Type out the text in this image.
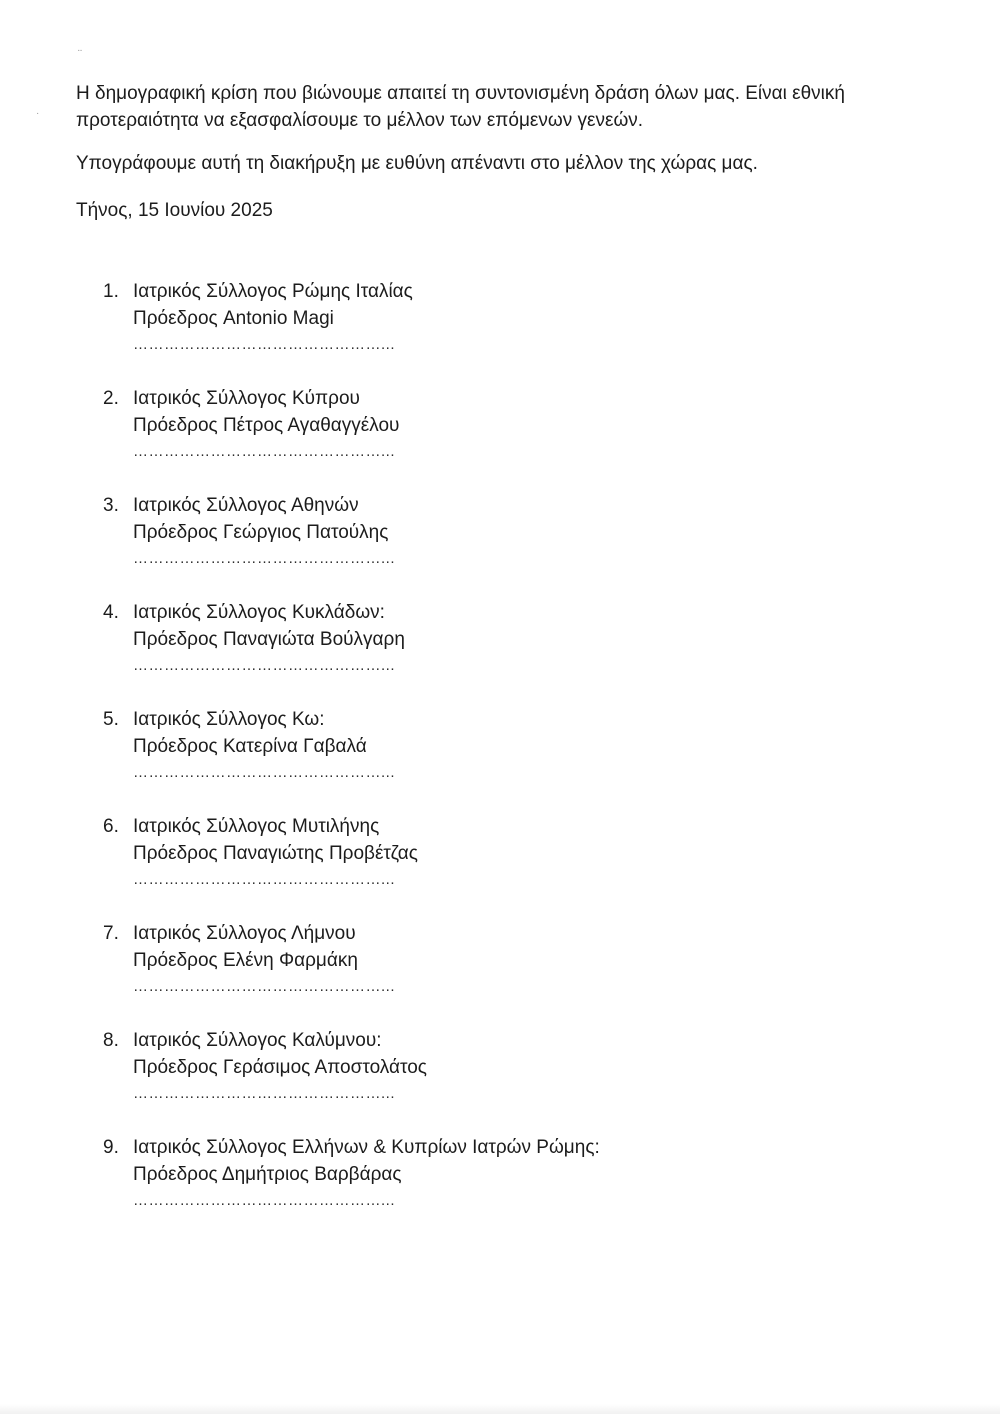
¨
·

Η δημογραφική κρίση που βιώνουμε απαιτεί τη συντονισμένη δράση όλων μας. Είναι εθνική προτεραιότητα να εξασφαλίσουμε το μέλλον των επόμενων γενεών.

Υπογράφουμε αυτή τη διακήρυξη με ευθύνη απέναντι στο μέλλον της χώρας μας.

Τήνος, 15 Ιουνίου 2025

1. Ιατρικός Σύλλογος Ρώμης Ιταλίας
Πρόεδρος Antonio Magi
…………………………………………...
2. Ιατρικός Σύλλογος Κύπρου
Πρόεδρος Πέτρος Αγαθαγγέλου
…………………………………………...
3. Ιατρικός Σύλλογος Αθηνών
Πρόεδρος Γεώργιος Πατούλης
…………………………………………...
4. Ιατρικός Σύλλογος Κυκλάδων:
Πρόεδρος Παναγιώτα Βούλγαρη
…………………………………………...
5. Ιατρικός Σύλλογος Κω:
Πρόεδρος Κατερίνα Γαβαλά
…………………………………………...
6. Ιατρικός Σύλλογος Μυτιλήνης
Πρόεδρος Παναγιώτης Προβέτζας
…………………………………………...
7. Ιατρικός Σύλλογος Λήμνου
Πρόεδρος Ελένη Φαρμάκη
…………………………………………...
8. Ιατρικός Σύλλογος Καλύμνου:
Πρόεδρος Γεράσιμος Αποστολάτος
…………………………………………...
9. Ιατρικός Σύλλογος Ελλήνων & Κυπρίων Ιατρών Ρώμης:
Πρόεδρος Δημήτριος Βαρβάρας
…………………………………………...
